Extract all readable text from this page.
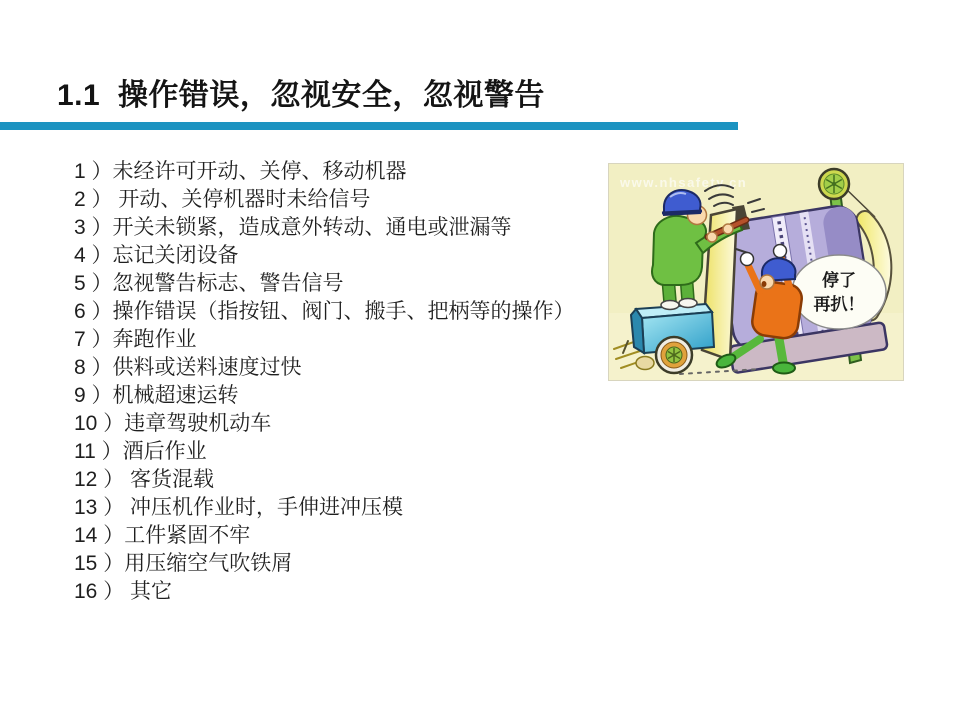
1.1  操作错误，忽视安全，忽视警告
1 ）未经许可开动、关停、移动机器
2 ） 开动、关停机器时未给信号
3 ）开关未锁紧，造成意外转动、通电或泄漏等
4 ）忘记关闭设备
5 ）忽视警告标志、警告信号
6 ）操作错误（指按钮、阀门、搬手、把柄等的操作）
7 ）奔跑作业
8 ）供料或送料速度过快
9 ）机械超速运转
10 ）违章驾驶机动车
11 ）酒后作业
12 ） 客货混载
13 ） 冲压机作业时，手伸进冲压模
14 ）工件紧固不牢
15 ）用压缩空气吹铁屑
16 ） 其它
www.nhsafety.cn
停了
再扒！
